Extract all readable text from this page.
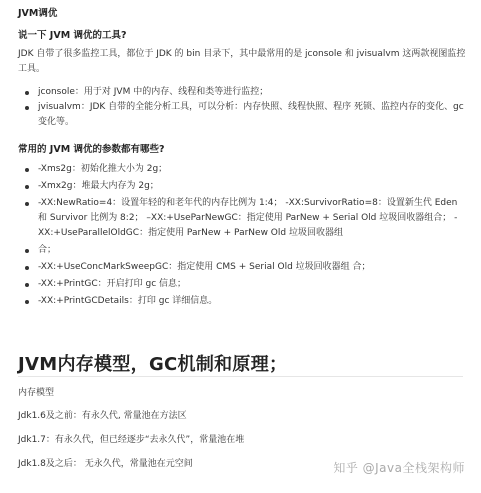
JVM调优
说一下 JVM 调优的工具?
JDK 自带了很多监控工具，都位于 JDK 的 bin 目录下，其中最常用的是 jconsole 和 jvisualvm 这两款视图监控工具。
jconsole：用于对 JVM 中的内存、线程和类等进行监控；
jvisualvm：JDK 自带的全能分析工具，可以分析：内存快照、线程快照、程序 死锁、监控内存的变化、gc 变化等。
常用的 JVM 调优的参数都有哪些?
-Xms2g：初始化推大小为 2g；
-Xmx2g：堆最大内存为 2g；
-XX:NewRatio=4：设置年轻的和老年代的内存比例为 1:4； -XX:SurvivorRatio=8：设置新生代 Eden 和 Survivor 比例为 8:2； –XX:+UseParNewGC：指定使用 ParNew + Serial Old 垃圾回收器组合； -XX:+UseParallelOldGC：指定使用 ParNew + ParNew Old 垃圾回收器组
合；
-XX:+UseConcMarkSweepGC：指定使用 CMS + Serial Old 垃圾回收器组 合；
-XX:+PrintGC：开启打印 gc 信息；
-XX:+PrintGCDetails：打印 gc 详细信息。
JVM内存模型，GC机制和原理；
内存模型
Jdk1.6及之前：有永久代, 常量池在方法区
Jdk1.7：有永久代，但已经逐步“去永久代”，常量池在堆
Jdk1.8及之后： 无永久代，常量池在元空间	知乎 @Java全栈架构师
